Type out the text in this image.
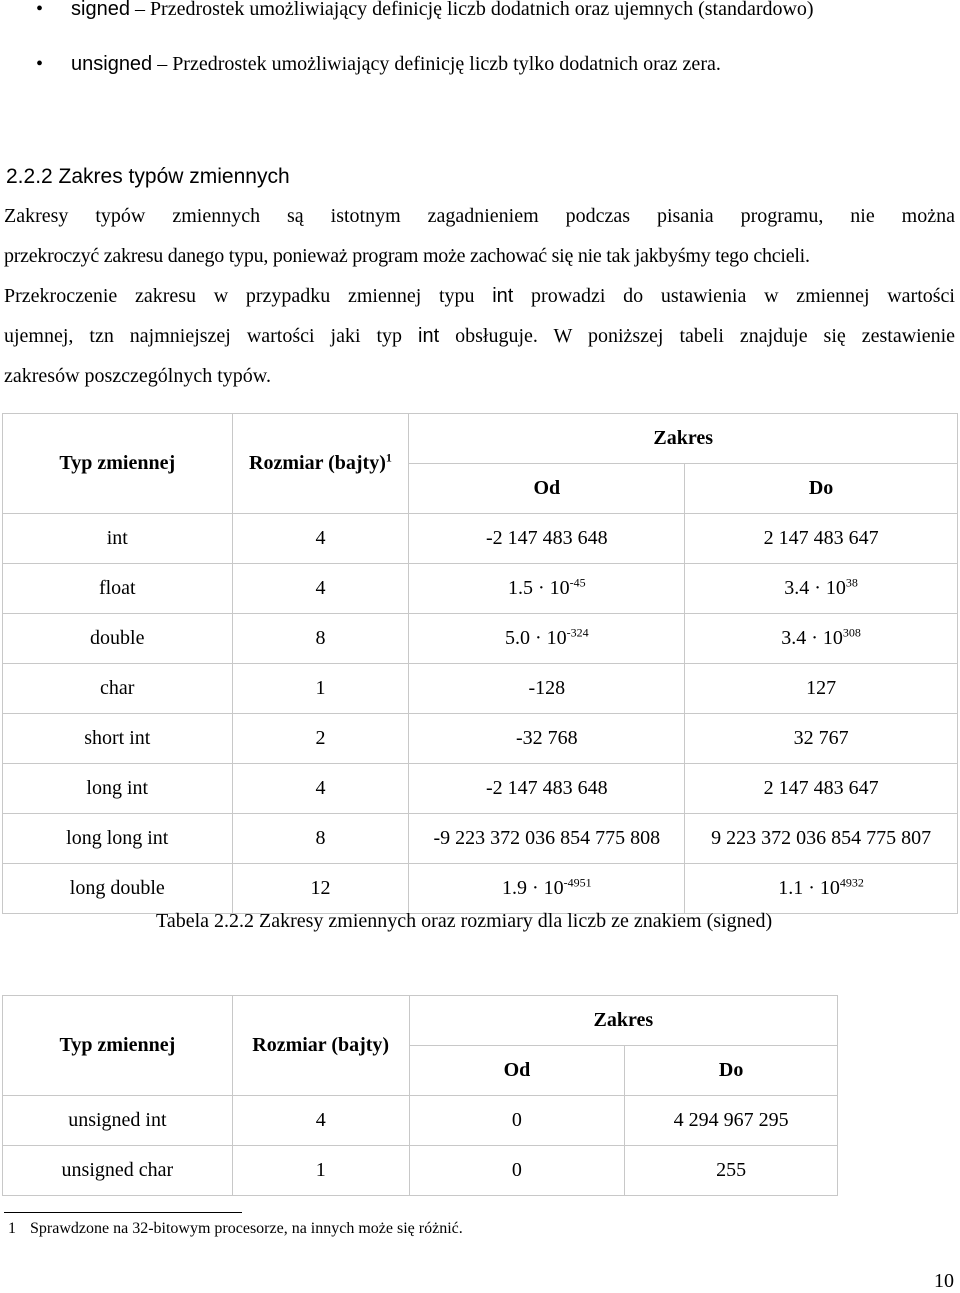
• signed – Przedrostek umożliwiający definicję liczb dodatnich oraz ujemnych (standardowo)
• unsigned – Przedrostek umożliwiający definicję liczb tylko dodatnich oraz zera.
2.2.2 Zakres typów zmiennych
Zakresy typów zmiennych są istotnym zagadnieniem podczas pisania programu, nie można
przekroczyć zakresu danego typu, ponieważ program może zachować się nie tak jakbyśmy tego chcieli.
Przekroczenie zakresu w przypadku zmiennej typu int prowadzi do ustawienia w zmiennej wartości
ujemnej, tzn najmniejszej wartości jaki typ int obsługuje. W poniższej tabeli znajduje się zestawienie
zakresów poszczególnych typów.
Typ zmiennej	Rozmiar (bajty)$^1$	Zakres	
		Od	Do
int	4	-2 147 483 648	2 147 483 647
float	4	$1.5 \cdot 10^{-45}$	$3.4 \cdot 10^{38}$
double	8	$5.0 \cdot 10^{-324}$	$3.4 \cdot 10^{308}$
char	1	-128	127
short int	2	-32 768	32 767
long int	4	-2 147 483 648	2 147 483 647
long long int	8	-9 223 372 036 854 775 808	9 223 372 036 854 775 807
long double	12	$1.9 \cdot 10^{-4951}$	$1.1 \cdot 10^{4932}$
Tabela 2.2.2 Zakresy zmiennych oraz rozmiary dla liczb ze znakiem (signed)
Typ zmiennej	Rozmiar (bajty)	Zakres	
		Od	Do
unsigned int	4	0	4 294 967 295
unsigned char	1	0	255
1 Sprawdzone na 32-bitowym procesorze, na innych może się różnić.
10
